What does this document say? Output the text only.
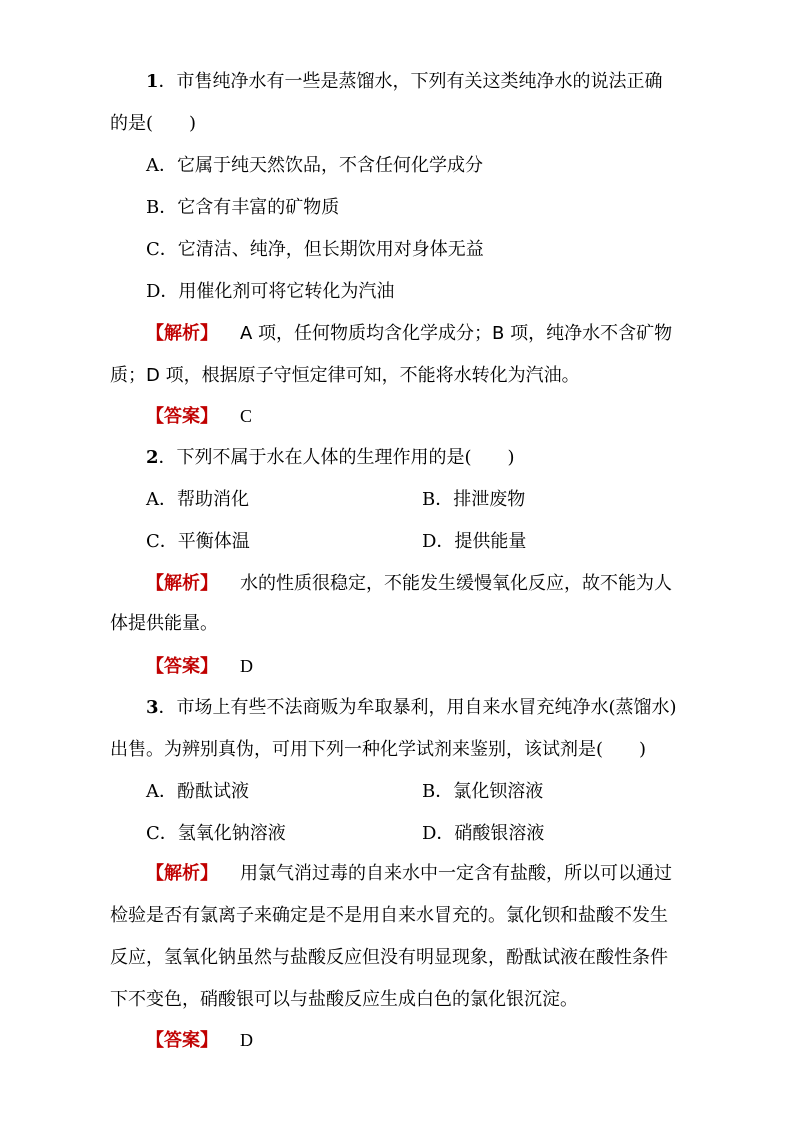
1．市售纯净水有一些是蒸馏水，下列有关这类纯净水的说法正确
的是(　　)
A．它属于纯天然饮品，不含任何化学成分
B．它含有丰富的矿物质
C．它清洁、纯净，但长期饮用对身体无益
D．用催化剂可将它转化为汽油
【解析】 A 项，任何物质均含化学成分；B 项，纯净水不含矿物
质；D 项，根据原子守恒定律可知，不能将水转化为汽油。
【答案】 C
2．下列不属于水在人体的生理作用的是(　　)
A．帮助消化	B．排泄废物
C．平衡体温	D．提供能量
【解析】 水的性质很稳定，不能发生缓慢氧化反应，故不能为人
体提供能量。
【答案】 D
3．市场上有些不法商贩为牟取暴利，用自来水冒充纯净水(蒸馏水)
出售。为辨别真伪，可用下列一种化学试剂来鉴别，该试剂是(　　)
A．酚酞试液	B．氯化钡溶液
C．氢氧化钠溶液	D．硝酸银溶液
【解析】 用氯气消过毒的自来水中一定含有盐酸，所以可以通过
检验是否有氯离子来确定是不是用自来水冒充的。氯化钡和盐酸不发生
反应，氢氧化钠虽然与盐酸反应但没有明显现象，酚酞试液在酸性条件
下不变色，硝酸银可以与盐酸反应生成白色的氯化银沉淀。
【答案】 D
